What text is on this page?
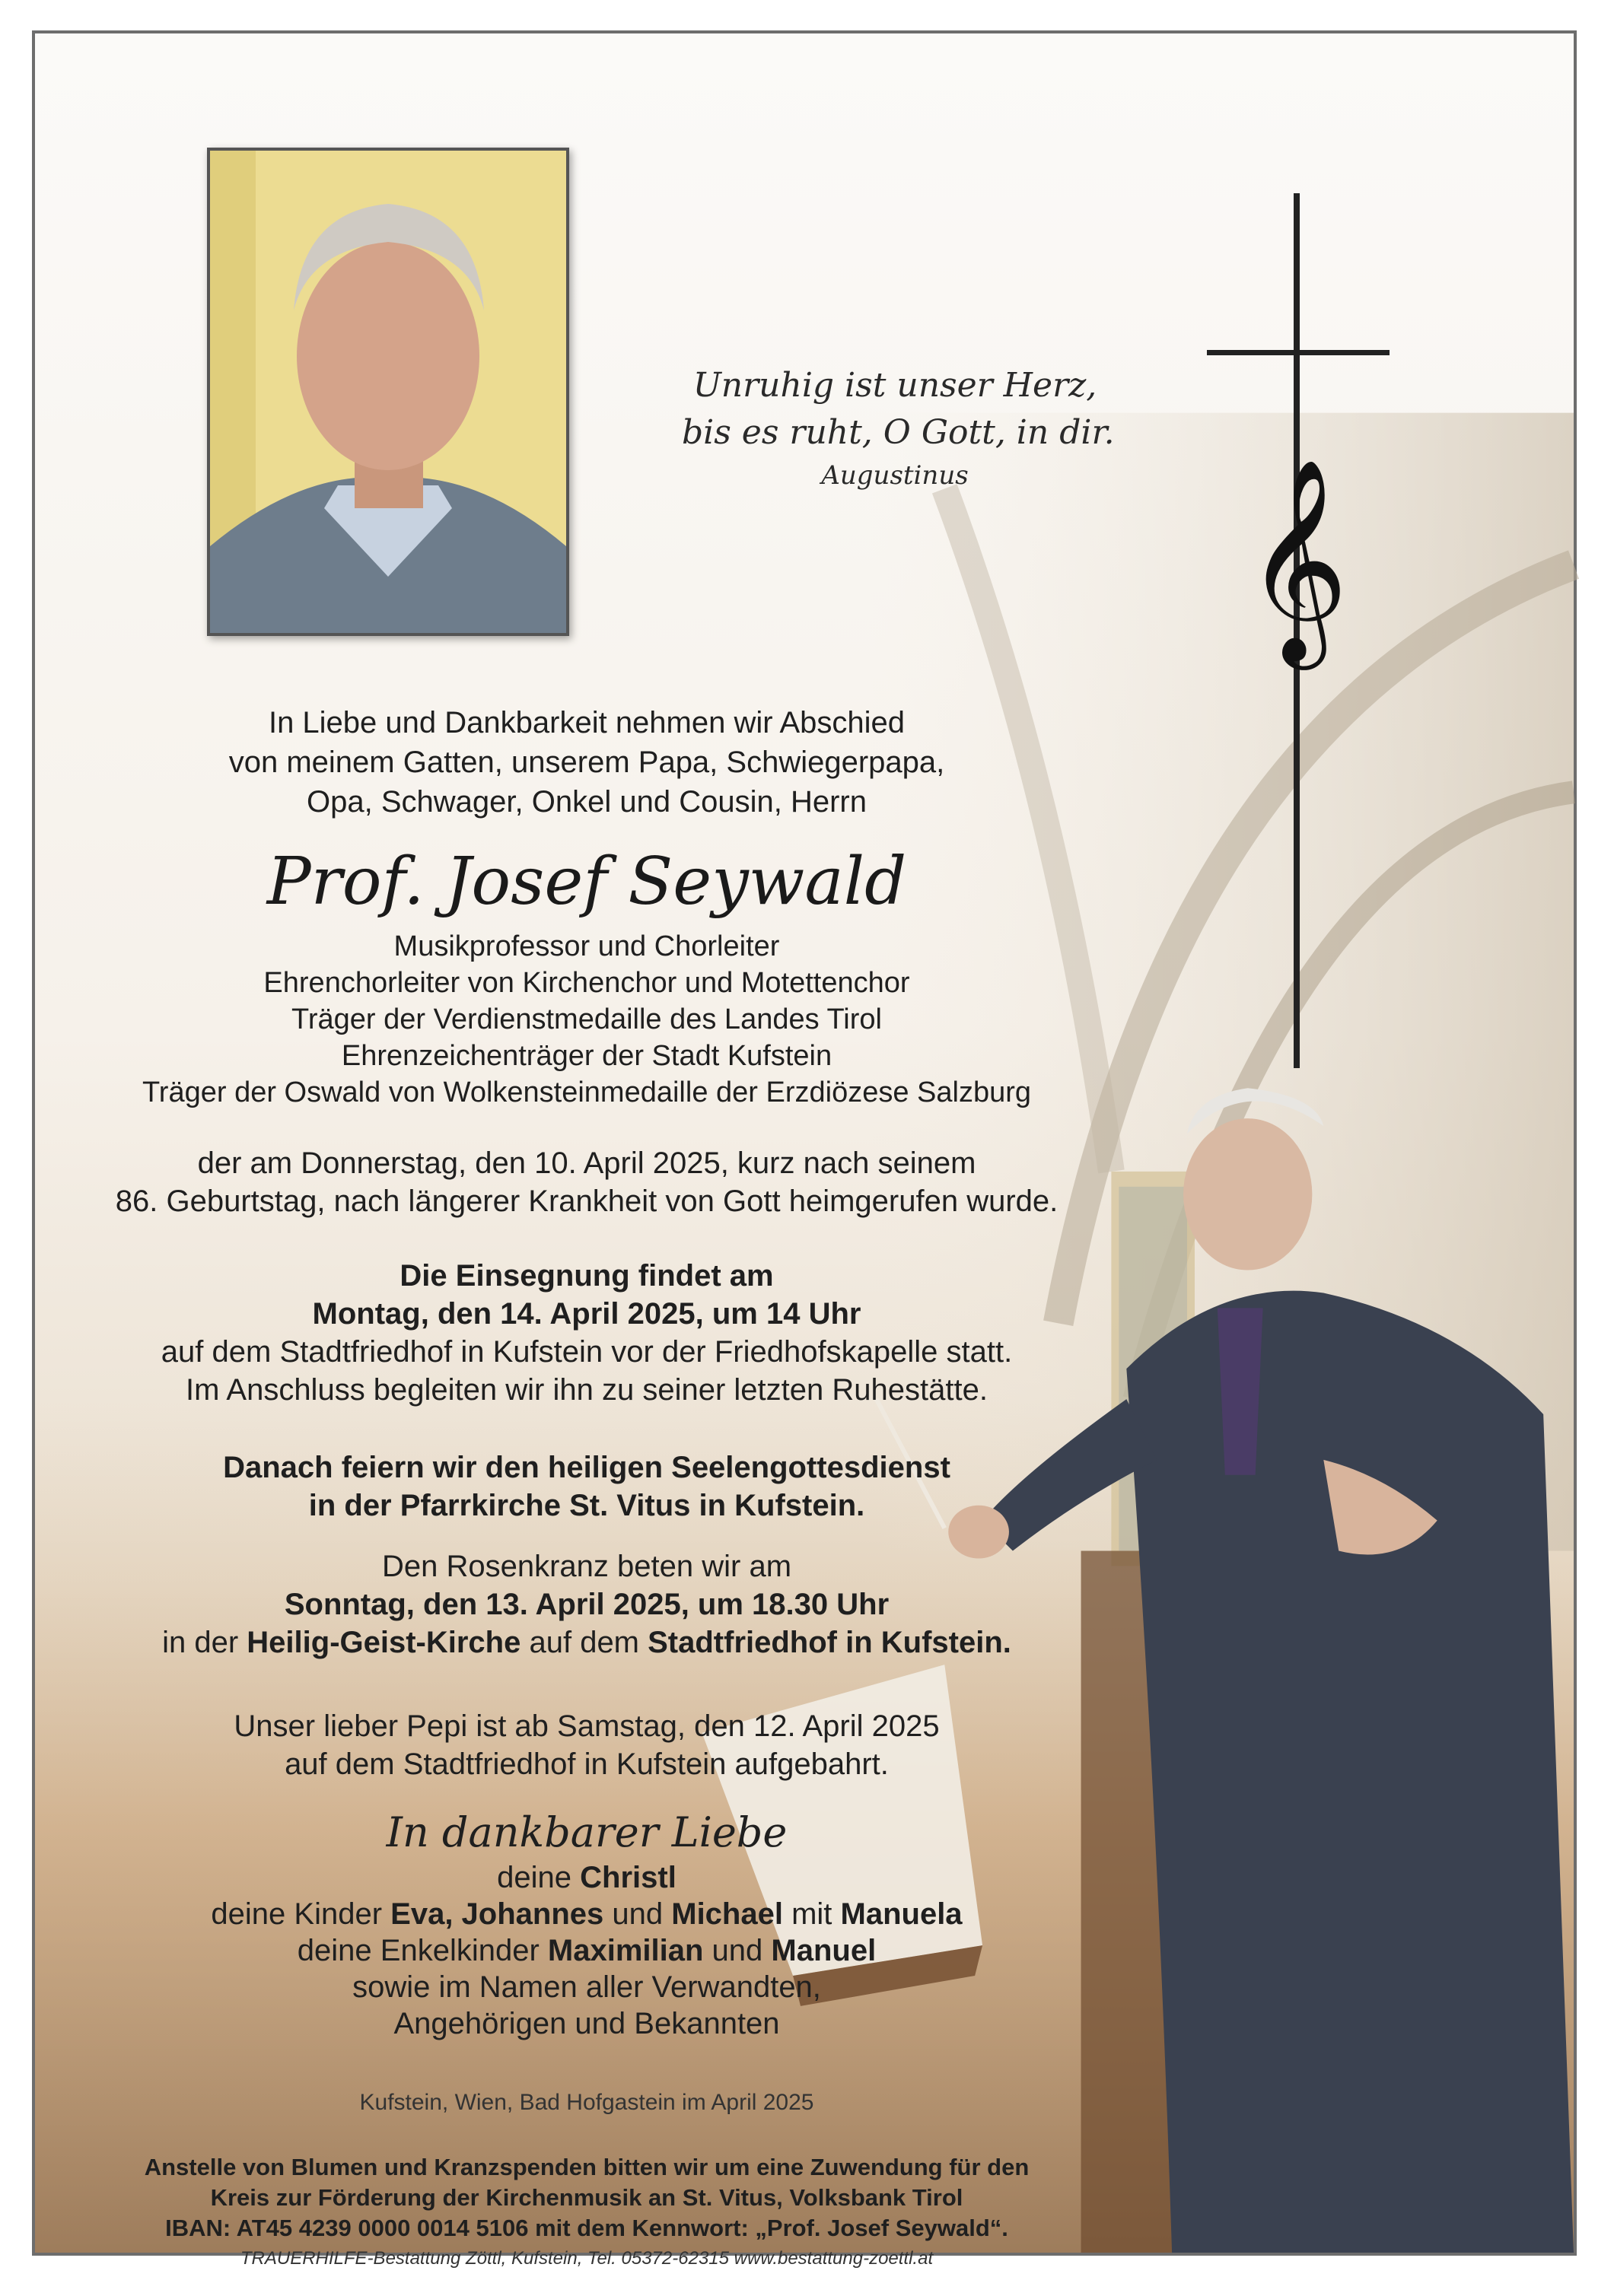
𝄞
Unruhig ist unser Herz,
bis es ruht, O Gott, in dir.
Augustinus
In Liebe und Dankbarkeit nehmen wir Abschied
von meinem Gatten, unserem Papa, Schwiegerpapa,
Opa, Schwager, Onkel und Cousin, Herrn
Prof. Josef Seywald
Musikprofessor und Chorleiter
Ehrenchorleiter von Kirchenchor und Motettenchor
Träger der Verdienstmedaille des Landes Tirol
Ehrenzeichenträger der Stadt Kufstein
Träger der Oswald von Wolkensteinmedaille der Erzdiözese Salzburg
der am Donnerstag, den 10. April 2025, kurz nach seinem
86. Geburtstag, nach längerer Krankheit von Gott heimgerufen wurde.
Die Einsegnung findet am
Montag, den 14. April 2025, um 14 Uhr
auf dem Stadtfriedhof in Kufstein vor der Friedhofskapelle statt.
Im Anschluss begleiten wir ihn zu seiner letzten Ruhestätte.
Danach feiern wir den heiligen Seelengottesdienst
in der Pfarrkirche St. Vitus in Kufstein.
Den Rosenkranz beten wir am
Sonntag, den 13. April 2025, um 18.30 Uhr
in der Heilig-Geist-Kirche auf dem Stadtfriedhof in Kufstein.
Unser lieber Pepi ist ab Samstag, den 12. April 2025
auf dem Stadtfriedhof in Kufstein aufgebahrt.
In dankbarer Liebe
deine Christl
deine Kinder Eva, Johannes und Michael mit Manuela
deine Enkelkinder Maximilian und Manuel
sowie im Namen aller Verwandten,
Angehörigen und Bekannten
Kufstein, Wien, Bad Hofgastein im April 2025
Anstelle von Blumen und Kranzspenden bitten wir um eine Zuwendung für den
Kreis zur Förderung der Kirchenmusik an St. Vitus, Volksbank Tirol
IBAN: AT45 4239 0000 0014 5106 mit dem Kennwort: „Prof. Josef Seywald“.
TRAUERHILFE-Bestattung Zöttl, Kufstein, Tel. 05372-62315 www.bestattung-zoettl.at
